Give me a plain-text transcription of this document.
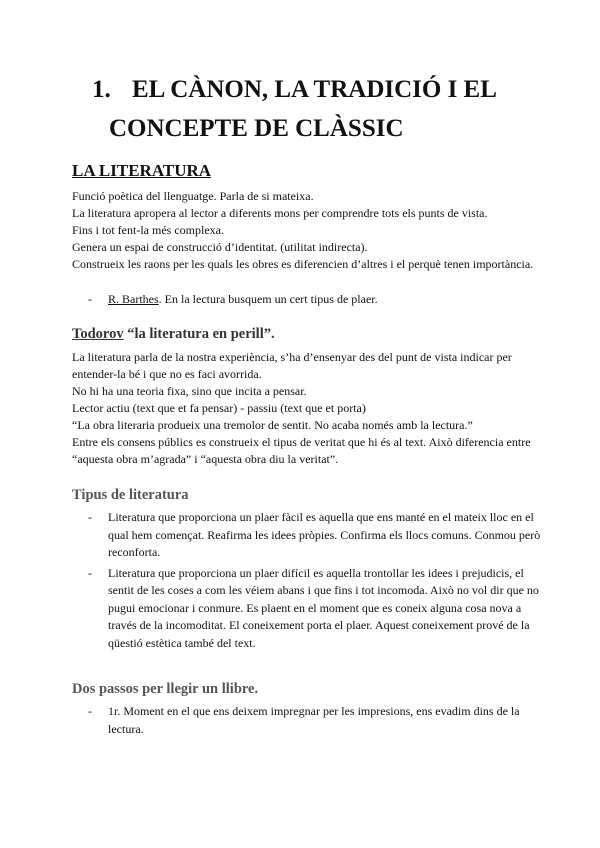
1. EL CÀNON, LA TRADICIÓ I EL
CONCEPTE DE CLÀSSIC
LA LITERATURA

Funció poètica del llenguatge. Parla de si mateixa.

La literatura apropera al lector a diferents mons per comprendre tots els punts de vista.

Fins i tot fent-la més complexa.

Genera un espai de construcció d’identitat. (utilitat indirecta).

Construeix les raons per les quals les obres es diferencien d’altres i el perquè tenen importància.

- R. Barthes. En la lectura busquem un cert tipus de plaer.
Todorov “la literatura en perill”.

La literatura parla de la nostra experiència, s’ha d’ensenyar des del punt de vista indicar per entender-la bé i que no es faci avorrida.

No hi ha una teoria fixa, sino que incita a pensar.

Lector actiu (text que et fa pensar) - passiu (text que et porta)

“La obra literaria produeix una tremolor de sentit. No acaba només amb la lectura.”

Entre els consens públics es construeix el tipus de veritat que hi és al text. Això diferencia entre “aquesta obra m’agrada” i “aquesta obra diu la veritat”.

Tipus de literatura
- Literatura que proporciona un plaer fàcil es aquella que ens manté en el mateix lloc en el qual hem començat. Reafirma les idees pròpies. Confirma els llocs comuns. Conmou però reconforta.
- Literatura que proporciona un plaer difícil es aquella trontollar les idees i prejudicis, el sentit de les coses a com les véiem abans i que fins i tot incomoda. Això no vol dir que no pugui emocionar i conmure. Es plaent en el moment que es coneix alguna cosa nova a través de la incomoditat. El coneixement porta el plaer. Aquest coneixement prové de la qüestió estètica també del text.
Dos passos per llegir un llibre.
- 1r. Moment en el que ens deixem impregnar per les impresions, ens evadim dins de la lectura.
